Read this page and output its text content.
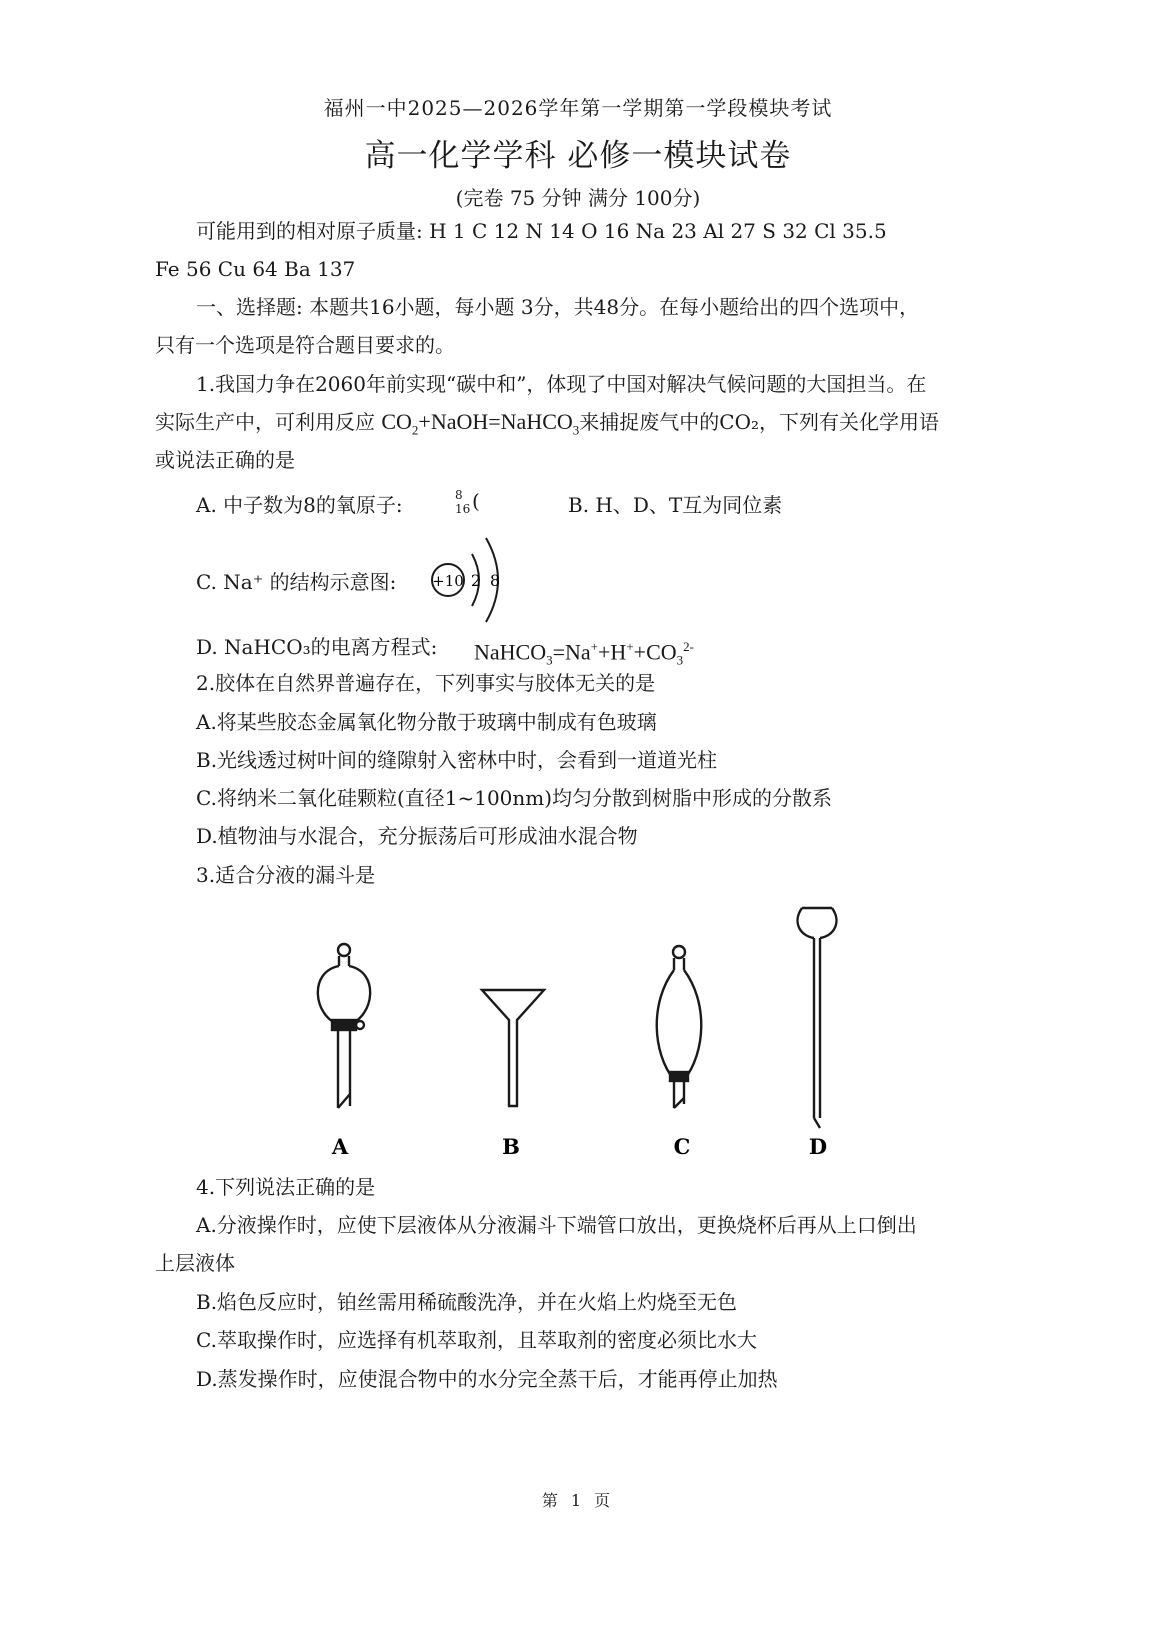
福州一中2025—2026学年第一学期第一学段模块考试
高一化学学科 必修一模块试卷
(完卷 75 分钟 满分 100分)
可能用到的相对原子质量: H 1 C 12 N 14 O 16 Na 23 Al 27 S 32 Cl 35.5
Fe 56 Cu 64 Ba 137
一、选择题: 本题共16小题，每小题 3分，共48分。在每小题给出的四个选项中，
只有一个选项是符合题目要求的。
1.我国力争在2060年前实现“碳中和”，体现了中国对解决气候问题的大国担当。在
实际生产中，可利用反应 $CO_2+NaOH=NaHCO_3$来捕捉废气中的CO₂，下列有关化学用语
或说法正确的是
A. 中子数为8的氧原子:	8
16 (	B. H、D、T互为同位素
C. Na⁺ 的结构示意图: +10 2 8
D. NaHCO₃的电离方程式: $NaHCO_3=Na^++H^++CO_3^{2-}$
2.胶体在自然界普遍存在，下列事实与胶体无关的是
A.将某些胶态金属氧化物分散于玻璃中制成有色玻璃
B.光线透过树叶间的缝隙射入密林中时，会看到一道道光柱
C.将纳米二氧化硅颗粒(直径1~100nm)均匀分散到树脂中形成的分散系
D.植物油与水混合，充分振荡后可形成油水混合物
3.适合分液的漏斗是
A	B	C	D
4.下列说法正确的是
A.分液操作时，应使下层液体从分液漏斗下端管口放出，更换烧杯后再从上口倒出
上层液体
B.焰色反应时，铂丝需用稀硫酸洗净，并在火焰上灼烧至无色
C.萃取操作时，应选择有机萃取剂，且萃取剂的密度必须比水大
D.蒸发操作时，应使混合物中的水分完全蒸干后，才能再停止加热
第 1 页
